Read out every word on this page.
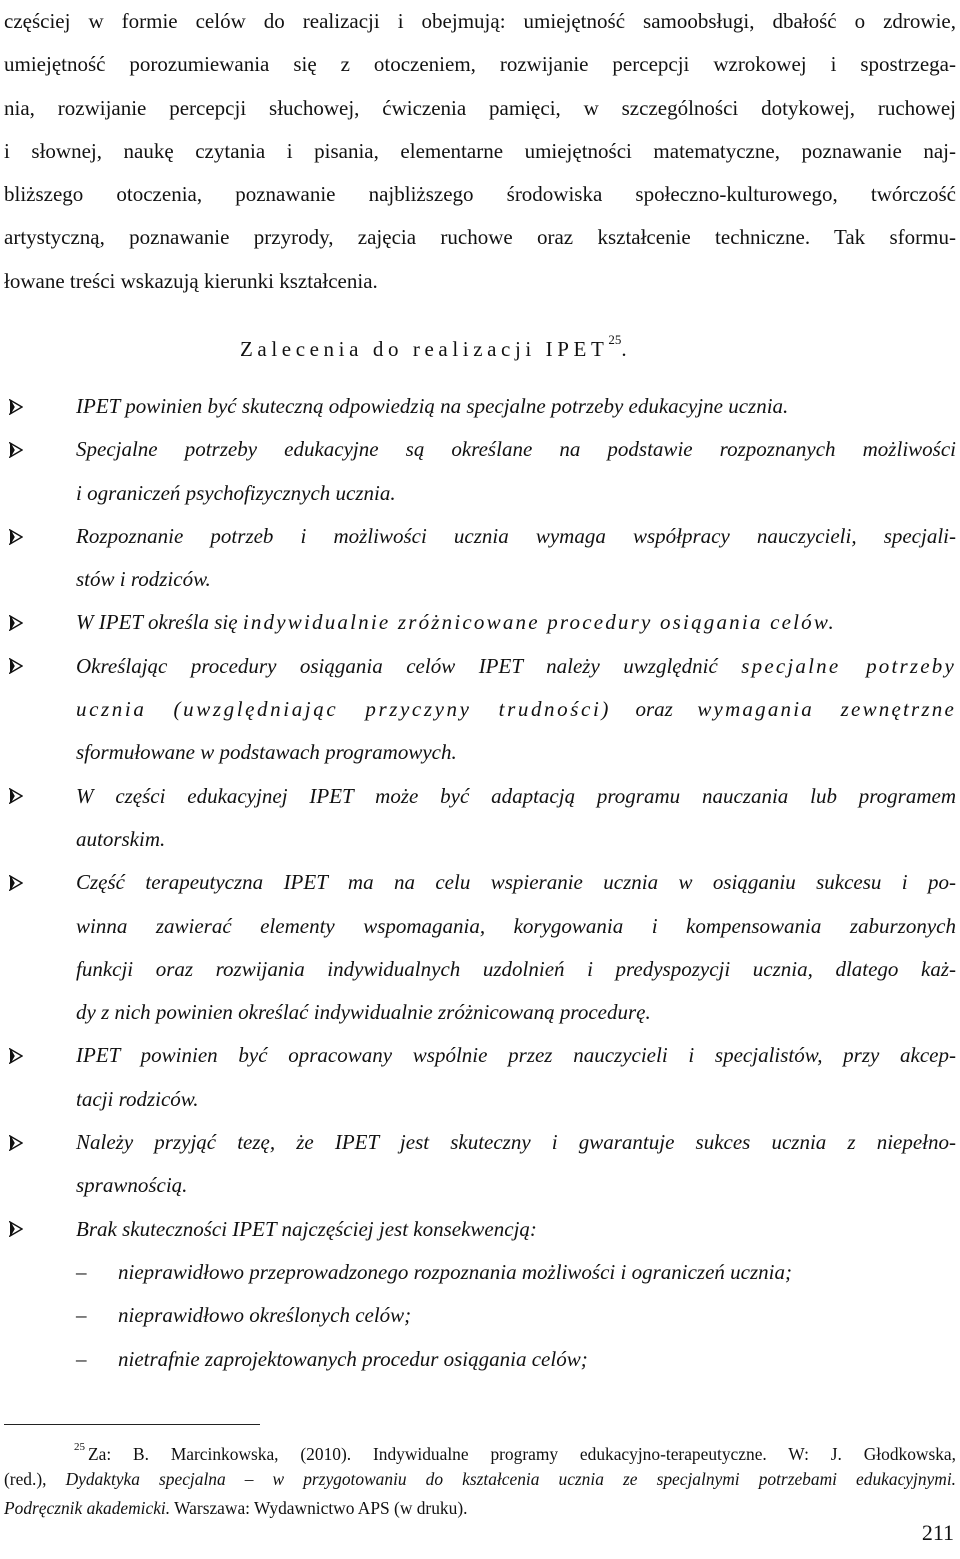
częściej w formie celów do realizacji i obejmują: umiejętność samoobsługi, dbałość o zdrowie,
umiejętność porozumiewania się z otoczeniem, rozwijanie percepcji wzrokowej i spostrzega-
nia, rozwijanie percepcji słuchowej, ćwiczenia pamięci, w szczególności dotykowej, ruchowej
i słownej, naukę czytania i pisania, elementarne umiejętności matematyczne, poznawanie naj-
bliższego otoczenia, poznawanie najbliższego środowiska społeczno-kulturowego, twórczość
artystyczną, poznawanie przyrody, zajęcia ruchowe oraz kształcenie techniczne. Tak sformu-
łowane treści wskazują kierunki kształcenia.
Zalecenia do realizacji IPET$^{25}$.
IPET powinien być skuteczną odpowiedzią na specjalne potrzeby edukacyjne ucznia.
Specjalne potrzeby edukacyjne są określane na podstawie rozpoznanych możliwości
i ograniczeń psychofizycznych ucznia.
Rozpoznanie potrzeb i możliwości ucznia wymaga współpracy nauczycieli, specjali-
stów i rodziców.
W IPET określa się indywidualnie zróżnicowane procedury osiągania celów.
Określając procedury osiągania celów IPET należy uwzględnić specjalne potrzeby
ucznia (uwzględniając przyczyny trudności) oraz wymagania zewnętrzne
sformułowane w podstawach programowych.
W części edukacyjnej IPET może być adaptacją programu nauczania lub programem
autorskim.
Część terapeutyczna IPET ma na celu wspieranie ucznia w osiąganiu sukcesu i po-
winna zawierać elementy wspomagania, korygowania i kompensowania zaburzonych
funkcji oraz rozwijania indywidualnych uzdolnień i predyspozycji ucznia, dlatego każ-
dy z nich powinien określać indywidualnie zróżnicowaną procedurę.
IPET powinien być opracowany wspólnie przez nauczycieli i specjalistów, przy akcep-
tacji rodziców.
Należy przyjąć tezę, że IPET jest skuteczny i gwarantuje sukces ucznia z niepełno-
sprawnością.
Brak skuteczności IPET najczęściej jest konsekwencją:
– nieprawidłowo przeprowadzonego rozpoznania możliwości i ograniczeń ucznia;
– nieprawidłowo określonych celów;
– nietrafnie zaprojektowanych procedur osiągania celów;
$^{25}$ Za: B. Marcinkowska, (2010). Indywidualne programy edukacyjno-terapeutyczne. W: J. Głodkowska,
(red.), Dydaktyka specjalna – w przygotowaniu do kształcenia ucznia ze specjalnymi potrzebami edukacyjnymi.
Podręcznik akademicki. Warszawa: Wydawnictwo APS (w druku).
211
